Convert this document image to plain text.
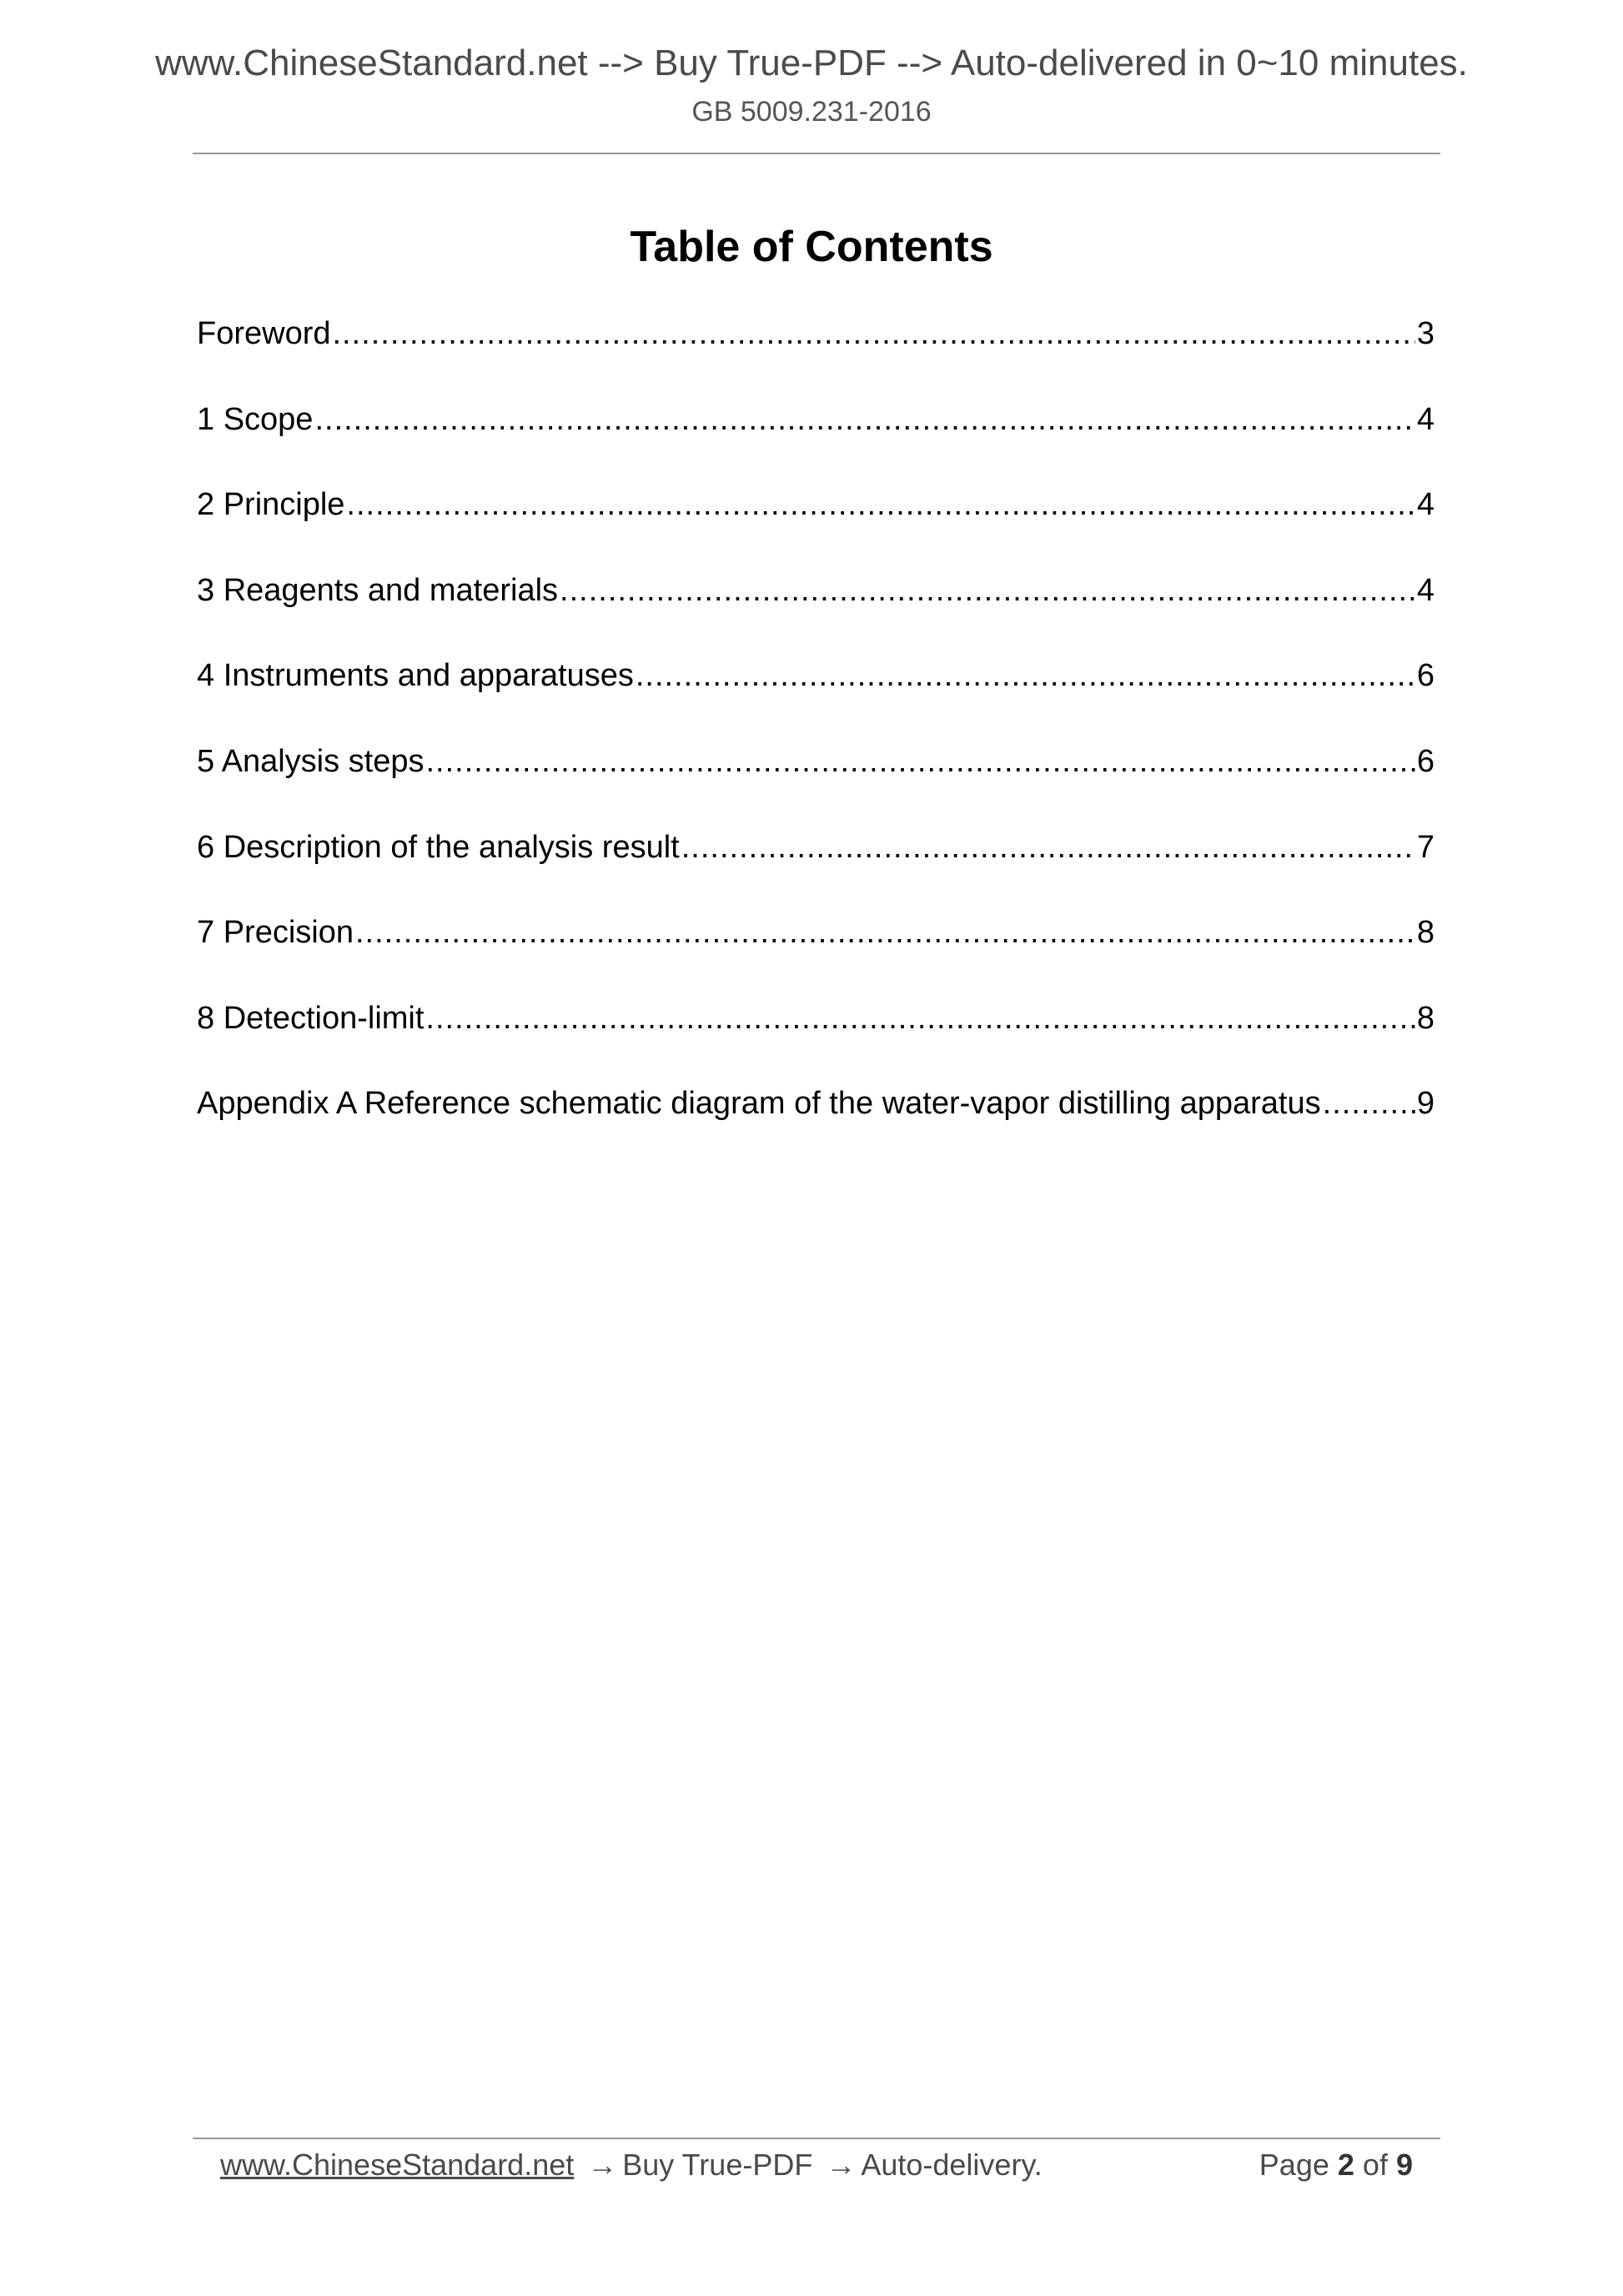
www.ChineseStandard.net --> Buy True-PDF --> Auto-delivered in 0~10 minutes.
GB 5009.231-2016
Table of Contents
Foreword .....	3
1 Scope .....	4
2 Principle .....	4
3 Reagents and materials .....	4
4 Instruments and apparatuses .....	6
5 Analysis steps .....	6
6 Description of the analysis result .....	7
7 Precision .....	8
8 Detection-limit .....	8
Appendix A Reference schematic diagram of the water-vapor distilling apparatus .....	9
www.ChineseStandard.net → Buy True-PDF → Auto-delivery.	Page 2 of 9
